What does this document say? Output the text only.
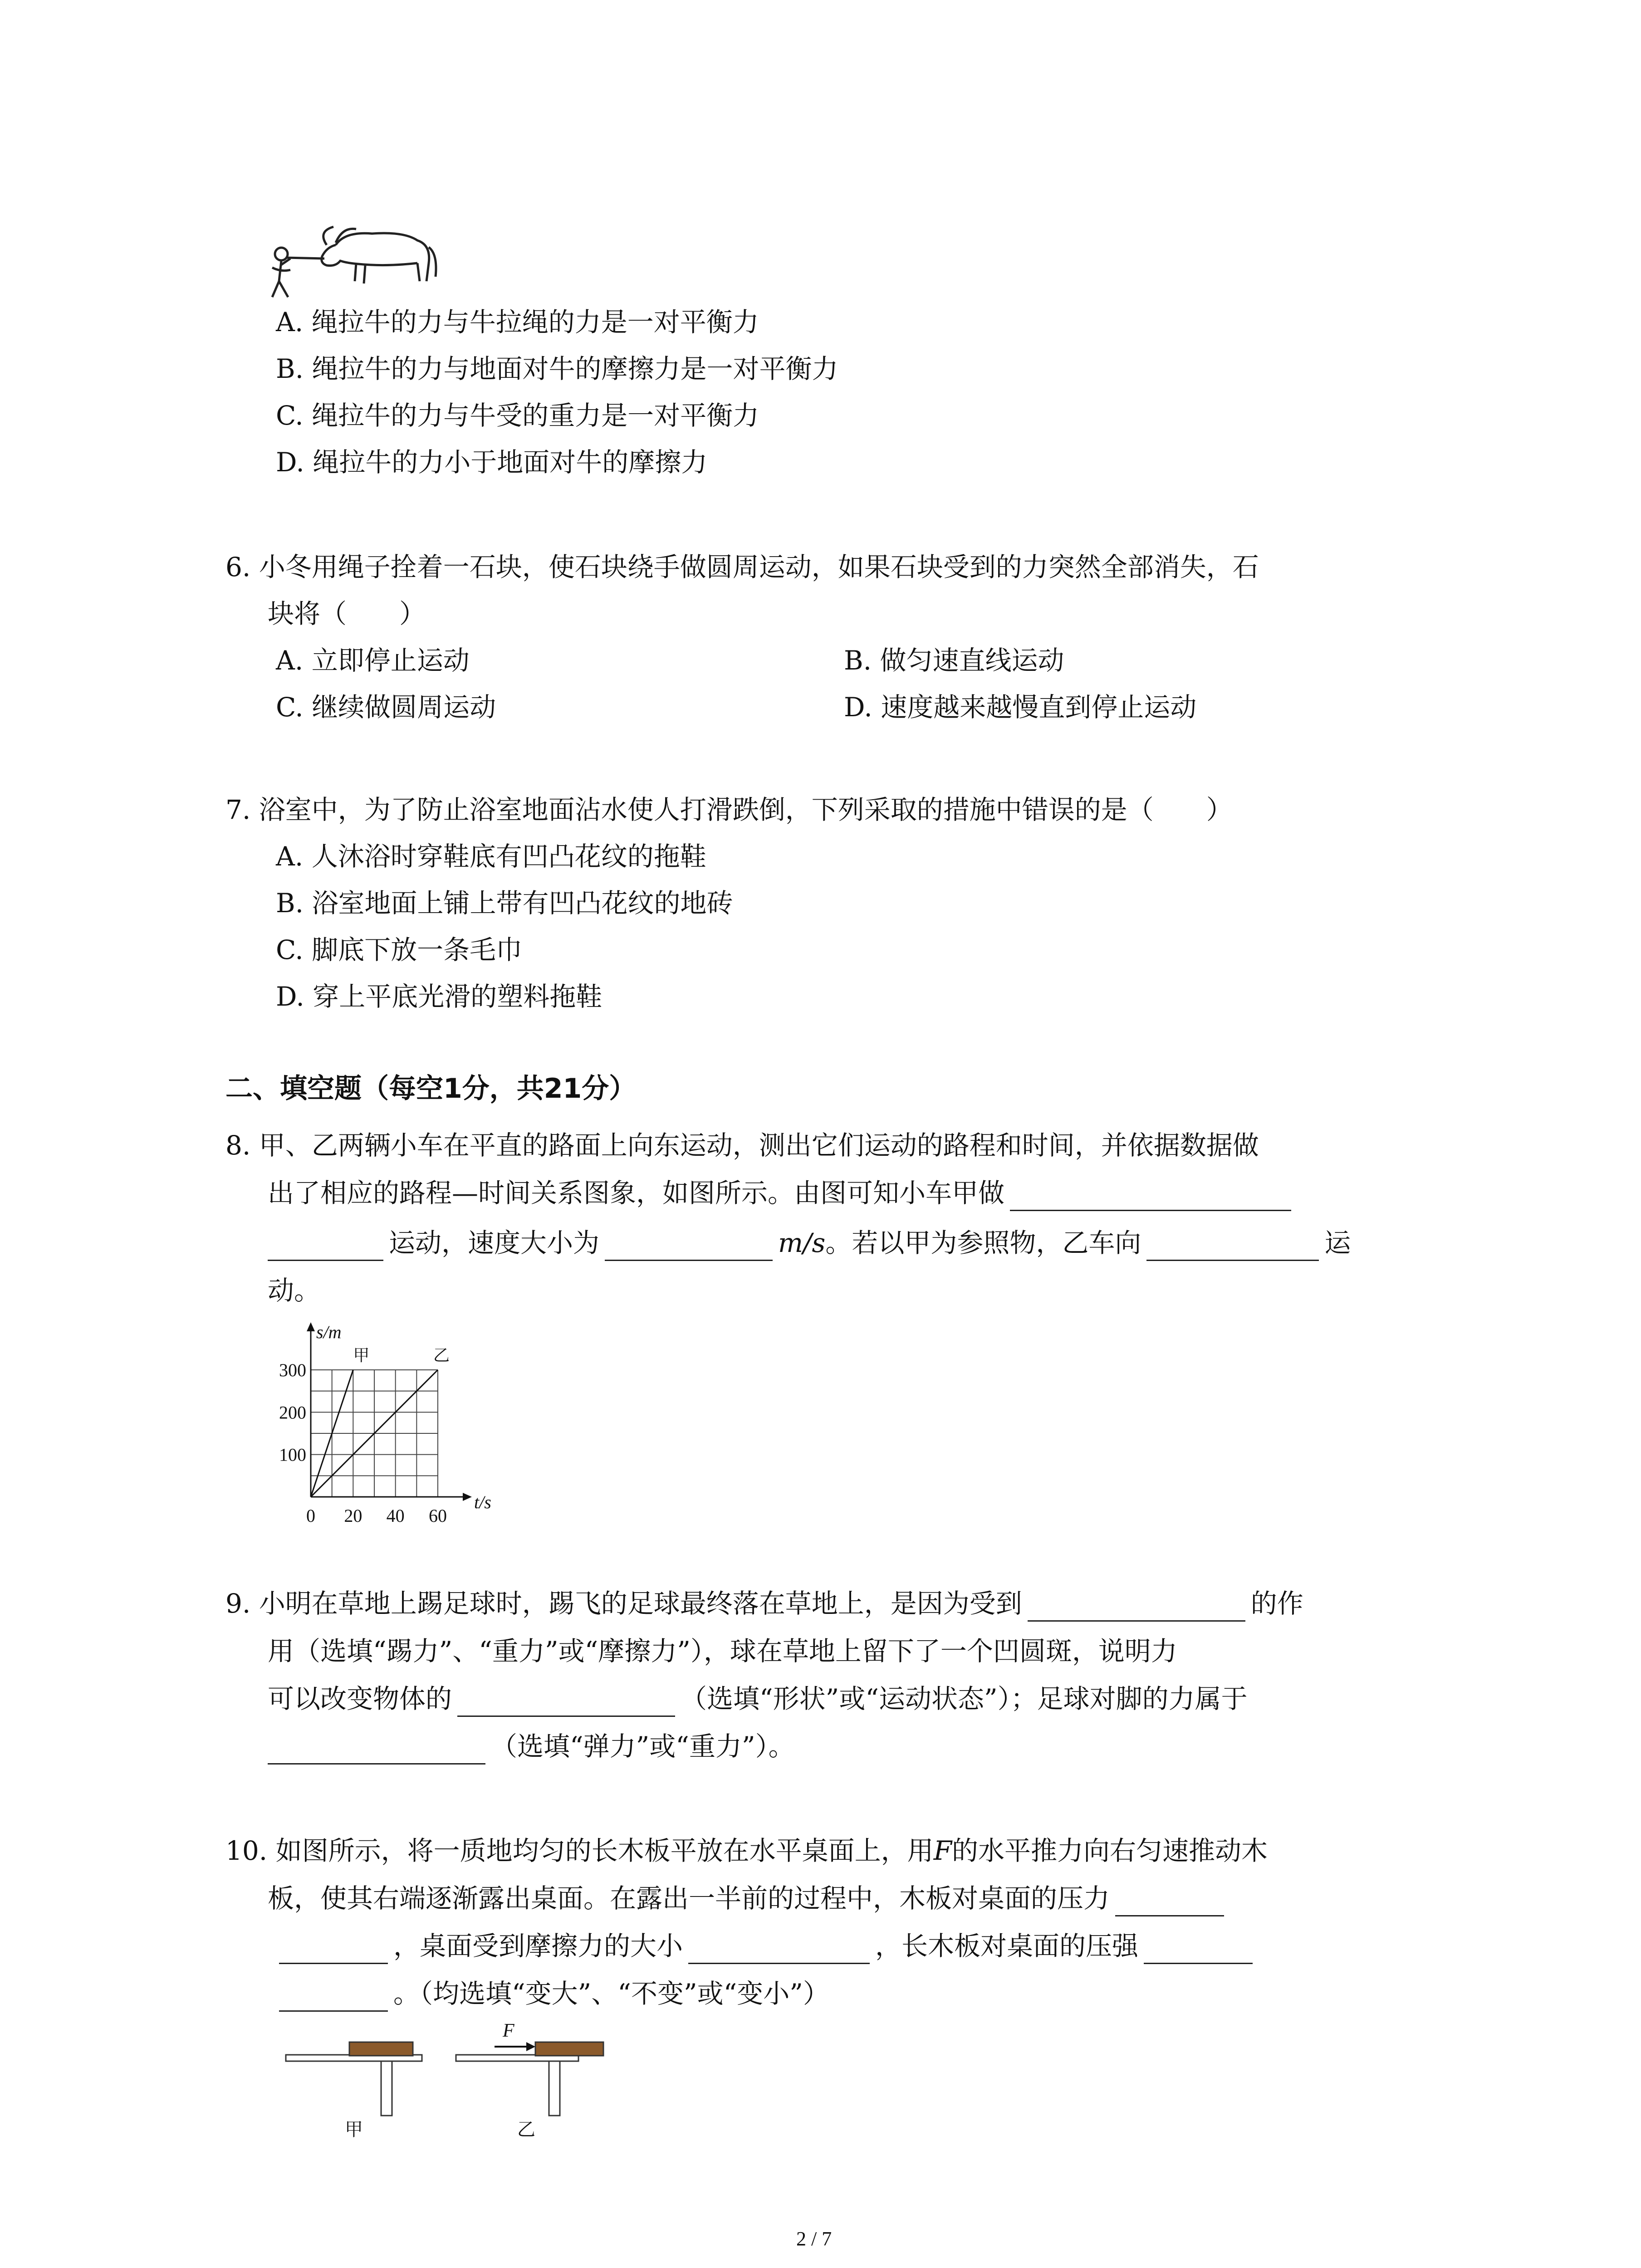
A. 绳拉牛的力与牛拉绳的力是一对平衡力
B. 绳拉牛的力与地面对牛的摩擦力是一对平衡力
C. 绳拉牛的力与牛受的重力是一对平衡力
D. 绳拉牛的力小于地面对牛的摩擦力
6. 小冬用绳子拴着一石块，使石块绕手做圆周运动，如果石块受到的力突然全部消失，石
块将（　　）
A. 立即停止运动	B. 做匀速直线运动
C. 继续做圆周运动	D. 速度越来越慢直到停止运动
7. 浴室中，为了防止浴室地面沾水使人打滑跌倒，下列采取的措施中错误的是（　　）
A. 人沐浴时穿鞋底有凹凸花纹的拖鞋
B. 浴室地面上铺上带有凹凸花纹的地砖
C. 脚底下放一条毛巾
D. 穿上平底光滑的塑料拖鞋
二、填空题（每空1分，共21分）
8. 甲、乙两辆小车在平直的路面上向东运动，测出它们运动的路程和时间，并依据数据做
出了相应的路程—时间关系图象，如图所示。由图可知小车甲做
运动，速度大小为	m/s。若以甲为参照物，乙车向	运
动。
甲	乙
0 20 40 60
100
200
300
t/s
s/m
9. 小明在草地上踢足球时，踢飞的足球最终落在草地上，是因为受到	的作
用（选填“踢力”、“重力”或“摩擦力”），球在草地上留下了一个凹圆斑，说明力
可以改变物体的	（选填“形状”或“运动状态”）；足球对脚的力属于
（选填“弹力”或“重力”）。
10. 如图所示，将一质地均匀的长木板平放在水平桌面上，用F的水平推力向右匀速推动木
板，使其右端逐渐露出桌面。在露出一半前的过程中，木板对桌面的压力
，桌面受到摩擦力的大小	，长木板对桌面的压强
。（均选填“变大”、“不变”或“变小”）
甲
F
乙
2 / 7
